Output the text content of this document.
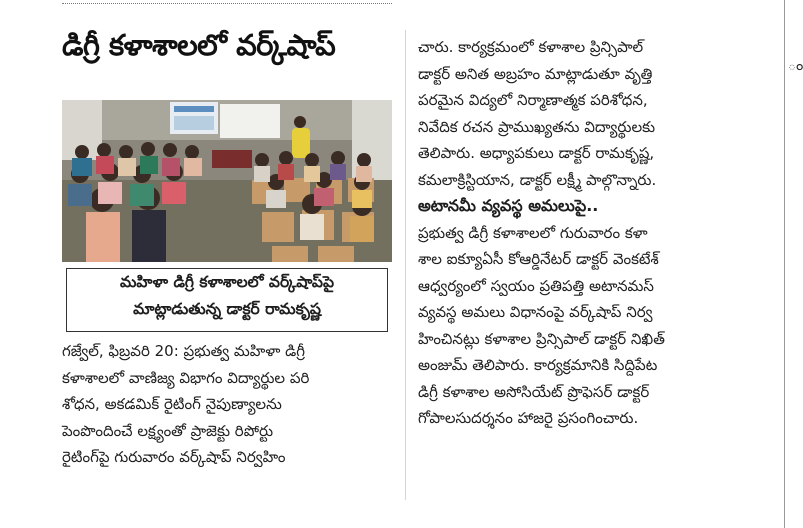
డిగ్రీ కళాశాలలో వర్క్‌షాప్
మహిళా డిగ్రీ కళాశాలలో వర్క్‌షాప్‌పై
మాట్లాడుతున్న డాక్టర్ రామకృష్ణ
గజ్వేల్, ఫిబ్రవరి 20: ప్రభుత్వ మహిళా డిగ్రీ
కళాశాలలో వాణిజ్య విభాగం విద్యార్థుల పరి
శోధన, అకడమిక్ రైటింగ్ నైపుణ్యాలను
పెంపొందించే లక్ష్యంతో ప్రాజెక్టు రిపోర్టు
రైటింగ్‌పై గురువారం వర్క్‌షాప్ నిర్వహిం
చారు. కార్యక్రమంలో కళాశాల ప్రిన్సిపాల్
డాక్టర్ అనిత అబ్రహం మాట్లాడుతూ వృత్తి
పరమైన విద్యలో నిర్మాణాత్మక పరిశోధన,
నివేదిక రచన ప్రాముఖ్యతను విద్యార్థులకు
తెలిపారు. అధ్యాపకులు డాక్టర్ రామకృష్ణ,
కమలాక్రిస్టియాన, డాక్టర్ లక్ష్మీ పాల్గొన్నారు.
అటానమీ వ్యవస్థ అమలుపై..
ప్రభుత్వ డిగ్రీ కళాశాలలో గురువారం కళా
శాల ఐక్యూఏసీ కోఆర్డినేటర్ డాక్టర్ వెంకటేశ్
ఆధ్వర్యంలో స్వయం ప్రతిపత్తి అటానమస్
వ్యవస్థ అమలు విధానంపై వర్క్‌షాప్ నిర్వ
హించినట్లు కళాశాల ప్రిన్సిపాల్ డాక్టర్ నిఖిత్
అంజుమ్ తెలిపారు. కార్యక్రమానికి సిద్దిపేట
డిగ్రీ కళాశాల అసోసియేట్ ప్రొఫెసర్ డాక్టర్
గోపాలసుదర్శనం హాజరై ప్రసంగించారు.
ం
